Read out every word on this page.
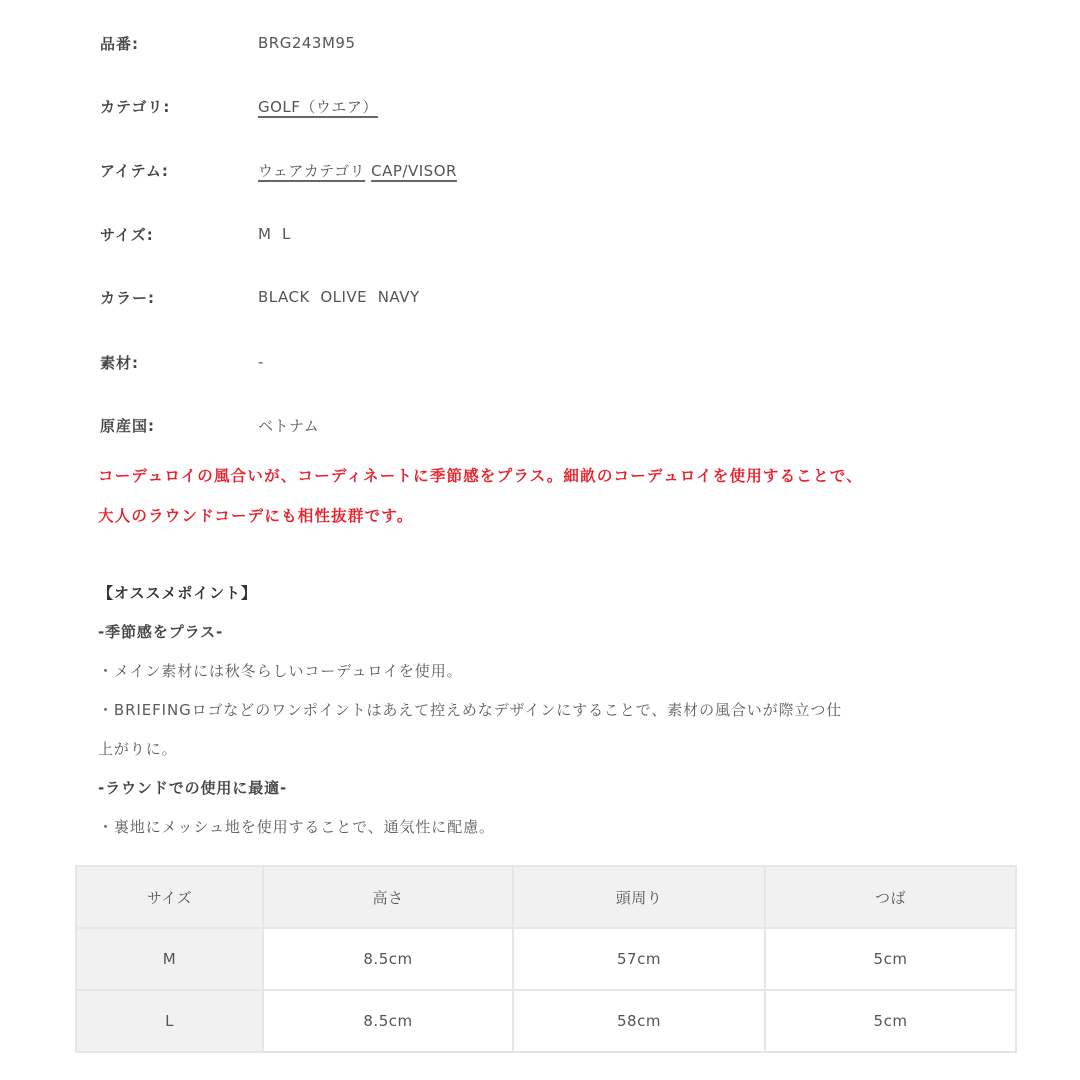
品番:	BRG243M95
カテゴリ:	GOLF（ウエア）
アイテム:	ウェアカテゴリ CAP/VISOR
サイズ:	M  L
カラー:	BLACK  OLIVE  NAVY
素材:	-
原産国:	ベトナム
コーデュロイの風合いが、コーディネートに季節感をプラス。細畝のコーデュロイを使用することで、
大人のラウンドコーデにも相性抜群です。
【オススメポイント】
-季節感をプラス-
・メイン素材には秋冬らしいコーデュロイを使用。
・BRIEFINGロゴなどのワンポイントはあえて控えめなデザインにすることで、素材の風合いが際立つ仕
上がりに。
-ラウンドでの使用に最適-
・裏地にメッシュ地を使用することで、通気性に配慮。
サイズ	高さ	頭周り	つば
M	8.5cm	57cm	5cm
L	8.5cm	58cm	5cm
